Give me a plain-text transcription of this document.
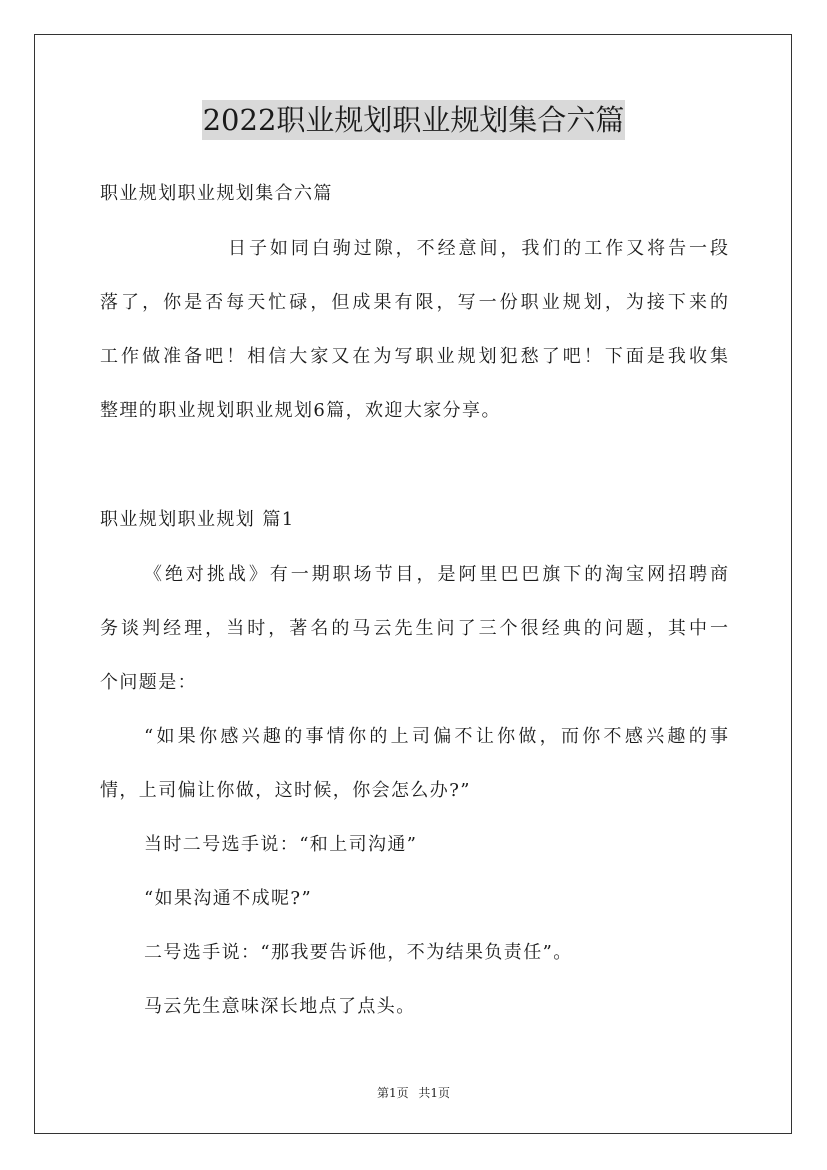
2022职业规划职业规划集合六篇
职业规划职业规划集合六篇
日子如同白驹过隙，不经意间，我们的工作又将告一段
落了，你是否每天忙碌，但成果有限，写一份职业规划，为接下来的
工作做准备吧！相信大家又在为写职业规划犯愁了吧！下面是我收集
整理的职业规划职业规划6篇，欢迎大家分享。
职业规划职业规划 篇1
《绝对挑战》有一期职场节目，是阿里巴巴旗下的淘宝网招聘商
务谈判经理，当时，著名的马云先生问了三个很经典的问题，其中一
个问题是：
“如果你感兴趣的事情你的上司偏不让你做，而你不感兴趣的事
情，上司偏让你做，这时候，你会怎么办?”
当时二号选手说：“和上司沟通”
“如果沟通不成呢?”
二号选手说：“那我要告诉他，不为结果负责任”。
马云先生意味深长地点了点头。
第1页 共1页
